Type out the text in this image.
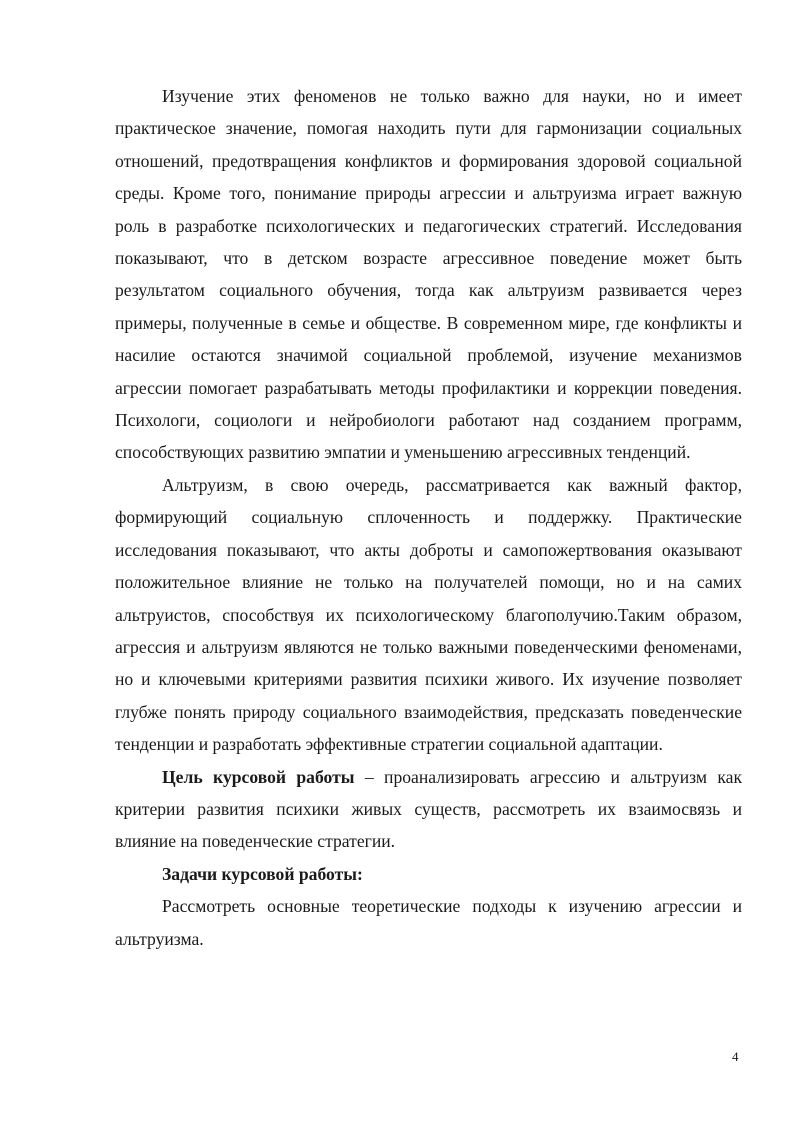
Изучение этих феноменов не только важно для науки, но и имеет практическое значение, помогая находить пути для гармонизации социальных отношений, предотвращения конфликтов и формирования здоровой социальной среды. Кроме того, понимание природы агрессии и альтруизма играет важную роль в разработке психологических и педагогических стратегий. Исследования показывают, что в детском возрасте агрессивное поведение может быть результатом социального обучения, тогда как альтруизм развивается через примеры, полученные в семье и обществе. В современном мире, где конфликты и насилие остаются значимой социальной проблемой, изучение механизмов агрессии помогает разрабатывать методы профилактики и коррекции поведения. Психологи, социологи и нейробиологи работают над созданием программ, способствующих развитию эмпатии и уменьшению агрессивных тенденций.

Альтруизм, в свою очередь, рассматривается как важный фактор, формирующий социальную сплоченность и поддержку. Практические исследования показывают, что акты доброты и самопожертвования оказывают положительное влияние не только на получателей помощи, но и на самих альтруистов, способствуя их психологическому благополучию.Таким образом, агрессия и альтруизм являются не только важными поведенческими феноменами, но и ключевыми критериями развития психики живого. Их изучение позволяет глубже понять природу социального взаимодействия, предсказать поведенческие тенденции и разработать эффективные стратегии социальной адаптации.

Цель курсовой работы – проанализировать агрессию и альтруизм как критерии развития психики живых существ, рассмотреть их взаимосвязь и влияние на поведенческие стратегии.

Задачи курсовой работы:

Рассмотреть основные теоретические подходы к изучению агрессии и альтруизма.

4
